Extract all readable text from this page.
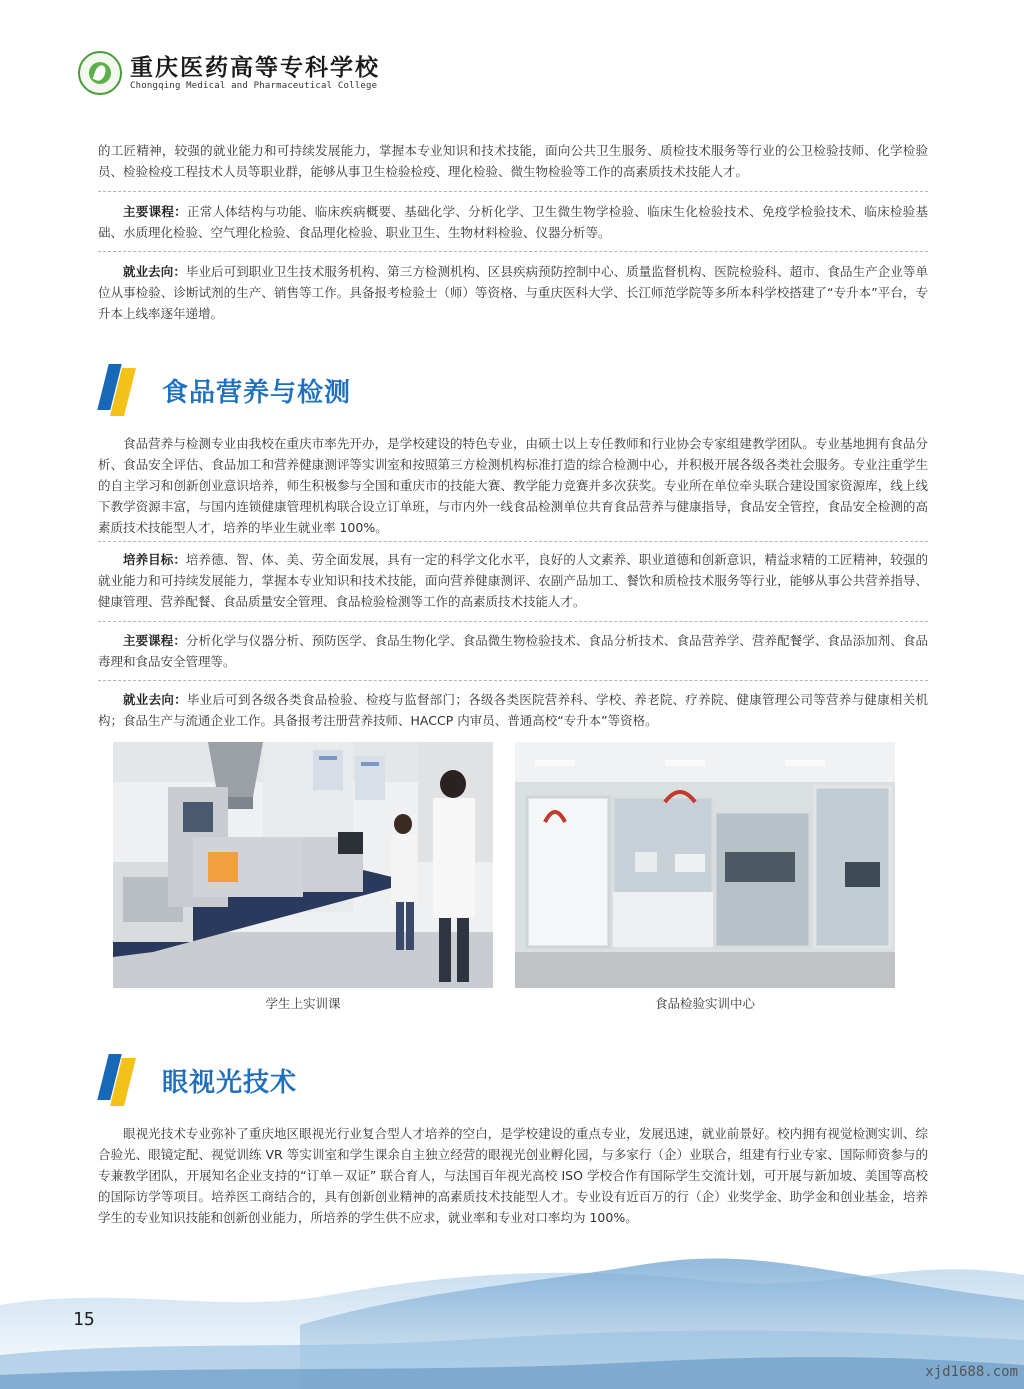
重庆医药高等专科学校
Chongqing Medical and Pharmaceutical College

的工匠精神，较强的就业能力和可持续发展能力，掌握本专业知识和技术技能，面向公共卫生服务、质检技术服务等行业的公卫检验技师、化学检验员、检验检疫工程技术人员等职业群，能够从事卫生检验检疫、理化检验、微生物检验等工作的高素质技术技能人才。

主要课程：正常人体结构与功能、临床疾病概要、基础化学、分析化学、卫生微生物学检验、临床生化检验技术、免疫学检验技术、临床检验基础、水质理化检验、空气理化检验、食品理化检验、职业卫生、生物材料检验、仪器分析等。

就业去向：毕业后可到职业卫生技术服务机构、第三方检测机构、区县疾病预防控制中心、质量监督机构、医院检验科、超市、食品生产企业等单位从事检验、诊断试剂的生产、销售等工作。具备报考检验士（师）等资格、与重庆医科大学、长江师范学院等多所本科学校搭建了“专升本”平台，专升本上线率逐年递增。

食品营养与检测

食品营养与检测专业由我校在重庆市率先开办，是学校建设的特色专业，由硕士以上专任教师和行业协会专家组建教学团队。专业基地拥有食品分析、食品安全评估、食品加工和营养健康测评等实训室和按照第三方检测机构标准打造的综合检测中心，并积极开展各级各类社会服务。专业注重学生的自主学习和创新创业意识培养，师生积极参与全国和重庆市的技能大赛、教学能力竞赛并多次获奖。专业所在单位牵头联合建设国家资源库，线上线下教学资源丰富，与国内连锁健康管理机构联合设立订单班，与市内外一线食品检测单位共育食品营养与健康指导，食品安全管控，食品安全检测的高素质技术技能型人才，培养的毕业生就业率 100%。

培养目标：培养德、智、体、美、劳全面发展，具有一定的科学文化水平，良好的人文素养、职业道德和创新意识，精益求精的工匠精神，较强的就业能力和可持续发展能力，掌握本专业知识和技术技能，面向营养健康测评、农副产品加工、餐饮和质检技术服务等行业，能够从事公共营养指导、健康管理、营养配餐、食品质量安全管理、食品检验检测等工作的高素质技术技能人才。

主要课程：分析化学与仪器分析、预防医学、食品生物化学、食品微生物检验技术、食品分析技术、食品营养学、营养配餐学、食品添加剂、食品毒理和食品安全管理等。

就业去向：毕业后可到各级各类食品检验、检疫与监督部门；各级各类医院营养科、学校、养老院、疗养院、健康管理公司等营养与健康相关机构；食品生产与流通企业工作。具备报考注册营养技师、HACCP 内审员、普通高校“专升本”等资格。

学生上实训课	食品检验实训中心
眼视光技术

眼视光技术专业弥补了重庆地区眼视光行业复合型人才培养的空白，是学校建设的重点专业，发展迅速，就业前景好。校内拥有视觉检测实训、综合验光、眼镜定配、视觉训练 VR 等实训室和学生课余自主独立经营的眼视光创业孵化园，与多家行（企）业联合，组建有行业专家、国际师资参与的专兼教学团队，开展知名企业支持的“订单－双证” 联合育人，与法国百年视光高校 ISO 学校合作有国际学生交流计划，可开展与新加坡、美国等高校的国际访学等项目。培养医工商结合的，具有创新创业精神的高素质技术技能型人才。专业设有近百万的行（企）业奖学金、助学金和创业基金，培养学生的专业知识技能和创新创业能力，所培养的学生供不应求，就业率和专业对口率均为 100%。

15
xjd1688.com
